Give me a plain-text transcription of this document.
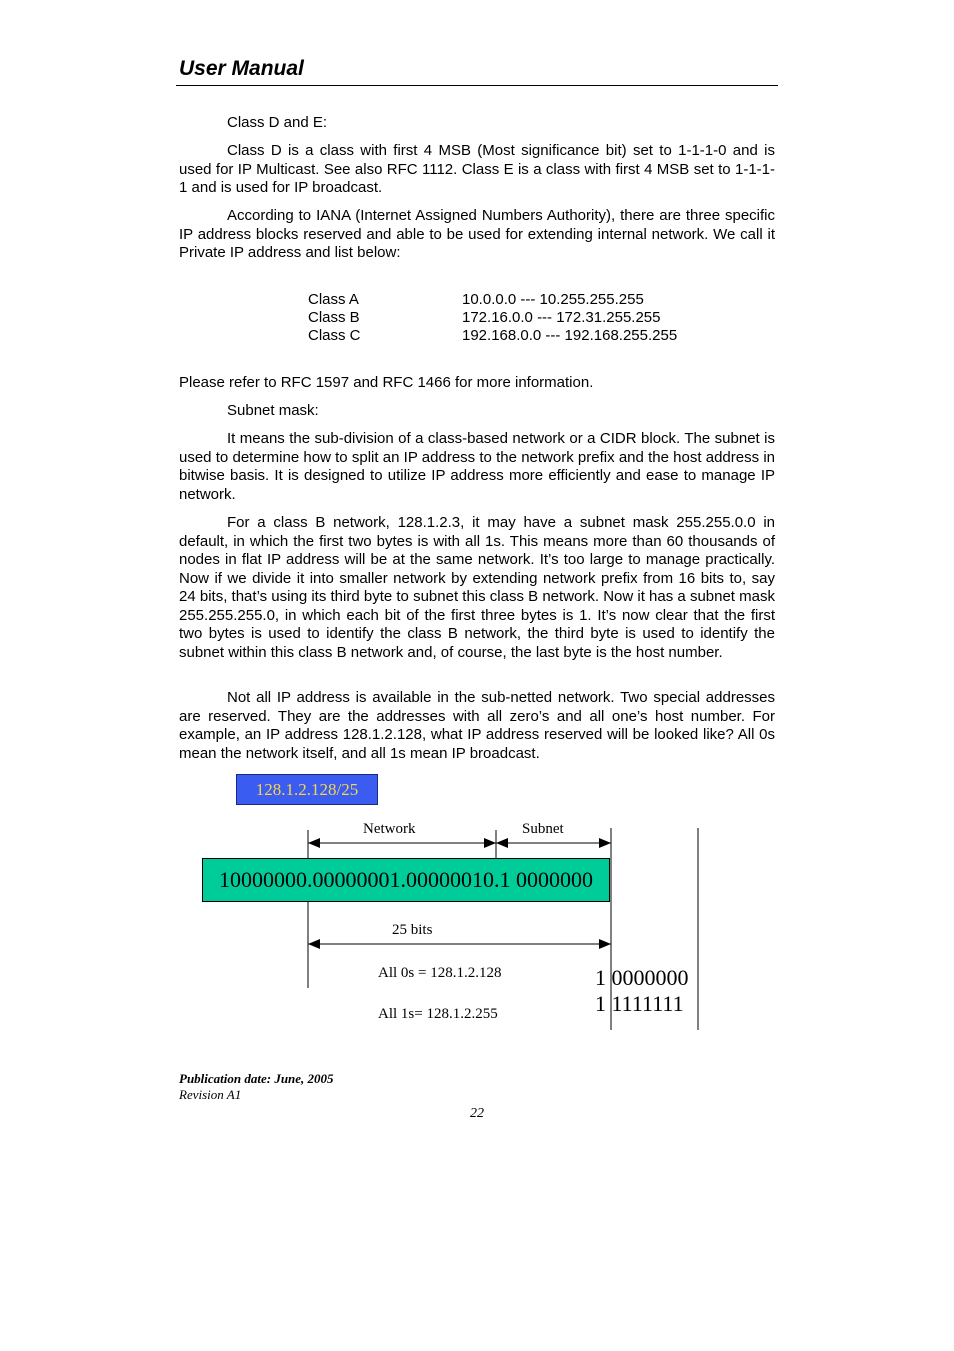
User Manual

Class D and E:

Class D is a class with first 4 MSB (Most significance bit) set to 1-1-1-0 and is used for IP Multicast. See also RFC 1112. Class E is a class with first 4 MSB set to 1-1-1-1 and is used for IP broadcast.

According to IANA (Internet Assigned Numbers Authority), there are three specific IP address blocks reserved and able to be used for extending internal network. We call it Private IP address and list below:

Class A	10.0.0.0 --- 10.255.255.255
Class B	172.16.0.0 --- 172.31.255.255
Class C	192.168.0.0 --- 192.168.255.255

Please refer to RFC 1597 and RFC 1466 for more information.

Subnet mask:

It means the sub-division of a class-based network or a CIDR block. The subnet is used to determine how to split an IP address to the network prefix and the host address in bitwise basis. It is designed to utilize IP address more efficiently and ease to manage IP network.

For a class B network, 128.1.2.3, it may have a subnet mask 255.255.0.0 in default, in which the first two bytes is with all 1s. This means more than 60 thousands of nodes in flat IP address will be at the same network. It’s too large to manage practically. Now if we divide it into smaller network by extending network prefix from 16 bits to, say 24 bits, that’s using its third byte to subnet this class B network. Now it has a subnet mask 255.255.255.0, in which each bit of the first three bytes is 1. It’s now clear that the first two bytes is used to identify the class B network, the third byte is used to identify the subnet within this class B network and, of course, the last byte is the host number.

Not all IP address is available in the sub-netted network. Two special addresses are reserved. They are the addresses with all zero’s and all one’s host number. For example, an IP address 128.1.2.128, what IP address reserved will be looked like? All 0s mean the network itself, and all 1s mean IP broadcast.

128.1.2.128/25
Network	Subnet
10000000.00000001.00000010.1 0000000
25 bits
All 0s = 128.1.2.128
All 1s= 128.1.2.255
1 0000000
1 1111111
Publication date: June, 2005
Revision A1
22
